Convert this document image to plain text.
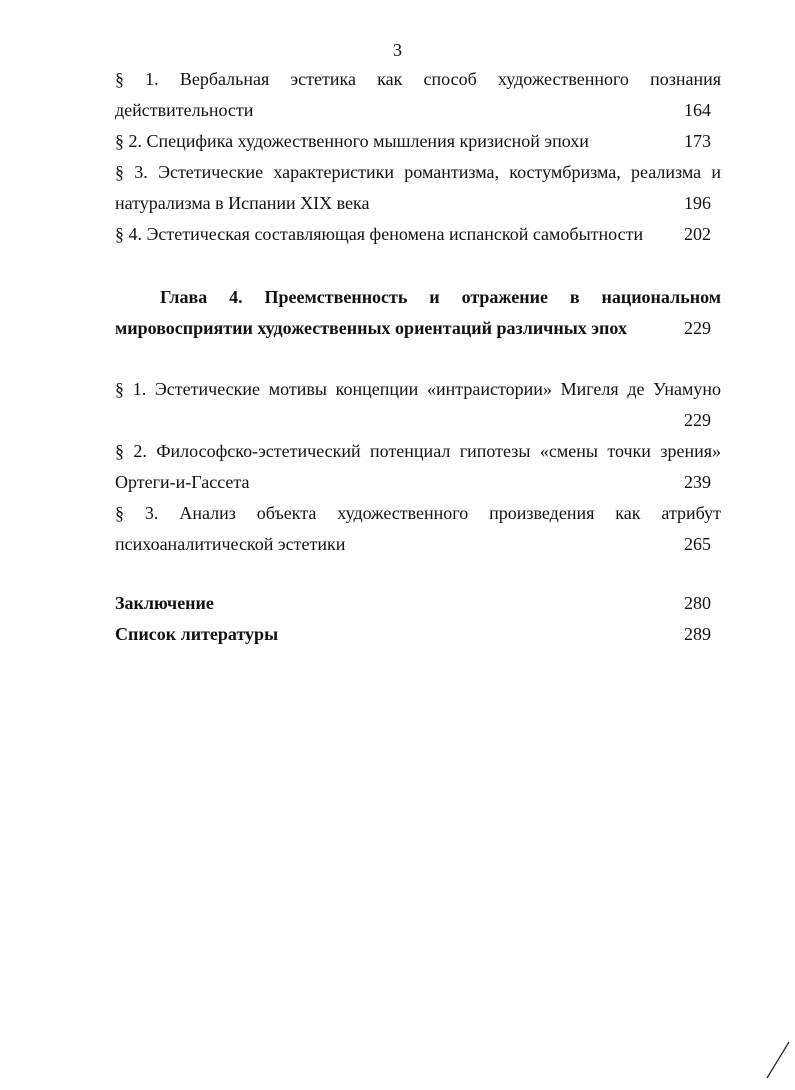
3
§ 1. Вербальная эстетика как способ художественного познания
действительности	164
§ 2. Специфика художественного мышления кризисной эпохи	173
§ 3. Эстетические характеристики романтизма, костумбризма, реализма и
натурализма в Испании XIX века	196
§ 4. Эстетическая составляющая феномена испанской самобытности 202
Глава 4. Преемственность и отражение в национальном
мировосприятии художественных ориентаций различных эпох	229
§ 1. Эстетические мотивы концепции «интраистории» Мигеля де Унамуно
229
§ 2. Философско-эстетический потенциал гипотезы «смены точки зрения»
Ортеги-и-Гассета	239
§ 3. Анализ объекта художественного произведения как атрибут
психоаналитической эстетики	265
Заключение	280
Список литературы	289
